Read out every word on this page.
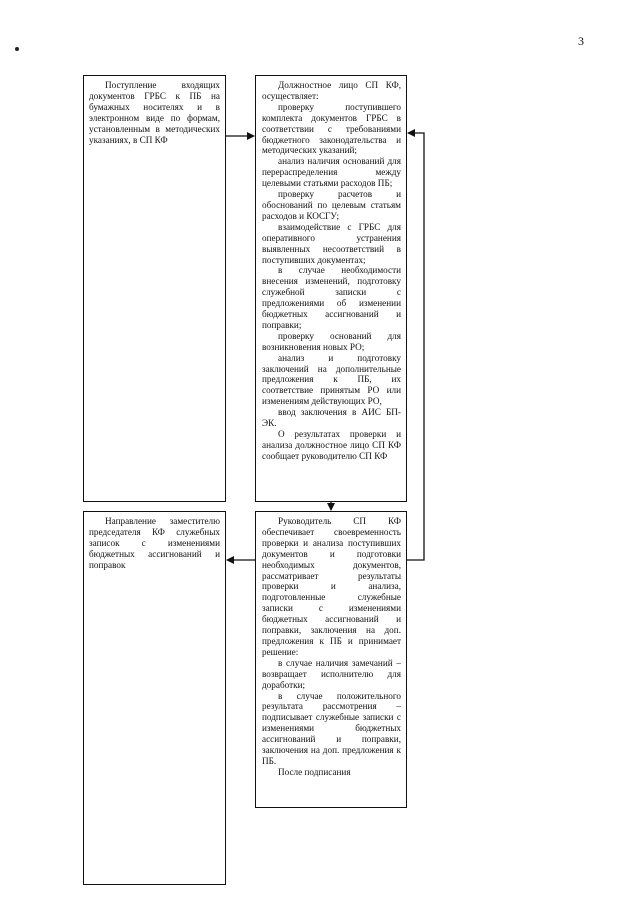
3

Поступление входящих документов ГРБС к ПБ на бумажных носителях и в электронном виде по формам, установленным в методических указаниях, в СП КФ

Должностное лицо СП КФ, осуществляет:

проверку поступившего комплекта документов ГРБС в соответствии с требованиями бюджетного законодательства и методических указаний;

анализ наличия оснований для перераспределения между целевыми статьями расходов ПБ;

проверку расчетов и обоснований по целевым статьям расходов и КОСГУ;

взаимодействие с ГРБС для оперативного устранения выявленных несоответствий в поступивших документах;

в случае необходимости внесения изменений, подготовку служебной записки с предложениями об изменении бюджетных ассигнований и поправки;

проверку оснований для возникновения новых РО;

анализ и подготовку заключений на дополнительные предложения к ПБ, их соответствие принятым РО или изменениям действующих РО,

ввод заключения в АИС БП-ЭК.

О результатах проверки и анализа должностное лицо СП КФ сообщает руководителю СП КФ

Направление заместителю председателя КФ служебных записок с изменениями бюджетных ассигнований и поправок

Руководитель СП КФ обеспечивает своевременность проверки и анализа поступивших документов и подготовки необходимых документов, рассматривает результаты проверки и анализа, подготовленные служебные записки с изменениями бюджетных ассигнований и поправки, заключения на доп. предложения к ПБ и принимает решение:

в случае наличия замечаний – возвращает исполнителю для доработки;

в случае положительного результата рассмотрения – подписывает служебные записки с изменениями бюджетных ассигнований и поправки, заключения на доп. предложения к ПБ.

После подписания
